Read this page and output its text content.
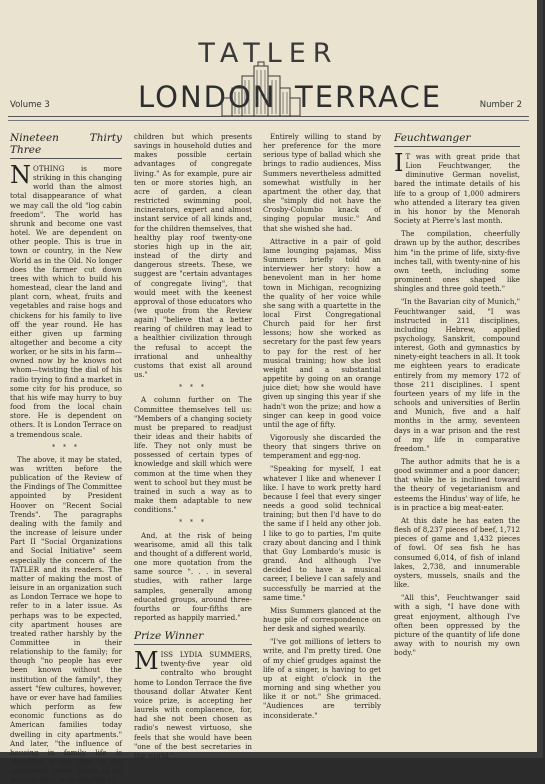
TATLER
LONDON TERRACE
Volume 3	Number 2
Nineteen Thirty Three

NOTHING is more striking in this changing world than the almost total disappearance of what we may call the old "log cabin freedom". The world has shrunk and become one vast hotel. We are dependent on other people. This is true in town or country, in the New World as in the Old. No longer does the farmer cut down trees with which to build his homestead, clear the land and plant corn, wheat, fruits and vegetables and raise hogs and chickens for his family to live off the year round. He has either given up farming altogether and become a city worker, or he sits in his farm—owned now by he knows not whom—twisting the dial of his radio trying to find a market in some city for his produce, so that his wife may hurry to buy food from the local chain store. He is dependent on others. It is London Terrace on a tremendous scale.

* * *

The above, it may be stated, was written before the publication of the Review of the Findings of The Committee appointed by President Hoover on "Recent Social Trends". The paragraphs dealing with the family and the increase of leisure under Part II "Social Organizations and Social Initiative" seem especially the concern of the TATLER and its readers. The matter of making the most of leisure in an organization such as London Terrace we hope to refer to in a later issue. As perhaps was to be expected, city apartment houses are treated rather harshly by the Committee in their relationship to the family; for though "no people has ever been known without the institution of the family", they assert "few cultures, however, have or ever have had families which perform as few economic functions as do American families today dwelling in city apartments." And later, "the influence of housing in family life is observed in the case of the apartment house which in its present form is ill-adapted to

children but which presents savings in household duties and makes possible certain advantages of congregate living." As for example, pure air ten or more stories high, an acre of garden, a clean restricted swimming pool, incinerators, expert and almost instant service of all kinds and, for the children themselves, that healthy play roof twenty-one stories high up in the air, instead of the dirty and dangerous streets. These, we suggest are "certain advantages of congregate living", that would meet with the keenest approval of those educators who (we quote from the Review again) "believe that a better rearing of children may lead to a healthier civilization through the refusal to accept the irrational and unhealthy customs that exist all around us."

* * *

A column further on The Committee themselves tell us: "Members of a changing society must be prepared to readjust their ideas and their habits of life. They not only must be possessed of certain types of knowledge and skill which were common at the time when they went to school but they must be trained in such a way as to make them adaptable to new conditions."

* * *

And, at the risk of being wearisome, amid all this talk and thought of a different world, one more quotation from the same source ". . . in several studies, with rather large samples, generally among educated groups, around three-fourths or four-fifths are reported as happily married."

Prize Winner

MISS LYDIA SUMMERS, twenty-five year old contralto who brought home to London Terrace the five thousand dollar Atwater Kent voice prize, is accepting her laurels with complacence, for, had she not been chosen as radio's newest virtuoso, she feels that she would have been "one of the best secretaries in the world."

Entirely willing to stand by her preference for the more serious type of ballad which she brings to radio audiences, Miss Summers nevertheless admitted somewhat wistfully in her apartment the other day, that she "simply did not have the Crosby-Columbo knack of singing popular music." And that she wished she had.

Attractive in a pair of gold lame lounging pajamas, Miss Summers briefly told an interviewer her story: how a benevolent man in her home town in Michigan, recognizing the quality of her voice while she sang with a quartette in the local First Congregational Church paid for her first lessons; how she worked as secretary for the past few years to pay for the rest of her musical training; how she lost weight and a substantial appetite by going on an orange juice diet; how she would have given up singing this year if she hadn't won the prize; and how a singer can keep in good voice until the age of fifty.

Vigorously she discarded the theory that singers thrive on temperament and egg-nog.

"Speaking for myself, I eat whatever I like and whenever I like. I have to work pretty hard because I feel that every singer needs a good solid technical training; but then I'd have to do the same if I held any other job. I like to go to parties, I'm quite crazy about dancing and I think that Guy Lombardo's music is grand. And although I've decided to have a musical career, I believe I can safely and successfully be married at the same time."

Miss Summers glanced at the huge pile of correspondence on her desk and sighed wearily.

"I've got millions of letters to write, and I'm pretty tired. One of my chief grudges against the life of a singer, is having to get up at eight o'clock in the morning and sing whether you like it or not." She grimaced. "Audiences are terribly inconsiderate."

Feuchtwanger

I T was with great pride that Lion Feuchtwanger, the diminutive German novelist, bared the intimate details of his life to a group of 1,000 admirers who attended a literary tea given in his honor by the Menorah Society at Pierre's last month.

The compilation, cheerfully drawn up by the author, describes him "in the prime of life, sixty-five inches tall, with twenty-nine of his own teeth, including some prominent ones shaped like shingles and three gold teeth."

"In the Bavarian city of Munich," Feuchtwanger said, "I was instructed in 211 disciplines, including Hebrew, applied psychology, Sanskrit, compound interest, Goth and gymnastics by ninety-eight teachers in all. It took me eighteen years to eradicate entirely from my memory 172 of those 211 disciplines. I spent fourteen years of my life in the schools and universities of Berlin and Munich, five and a half months in the army, seventeen days in a war prison and the rest of my life in comparative freedom."

The author admits that he is a good swimmer and a poor dancer; that while he is inclined toward the theory of vegetarianism and esteems the Hindus' way of life, he is in practice a big meat-eater.

At this date he has eaten the flesh of 8,237 pieces of beef, 1,712 pieces of game and 1,432 pieces of fowl. Of sea fish he has consumed 6,014, of fish of inland lakes, 2,738, and innumerable oysters, mussels, snails and the like.

"All this", Feuchtwanger said with a sigh, "I have done with great enjoyment, although I've often been oppressed by the picture of the quantity of life done away with to nourish my own body."
